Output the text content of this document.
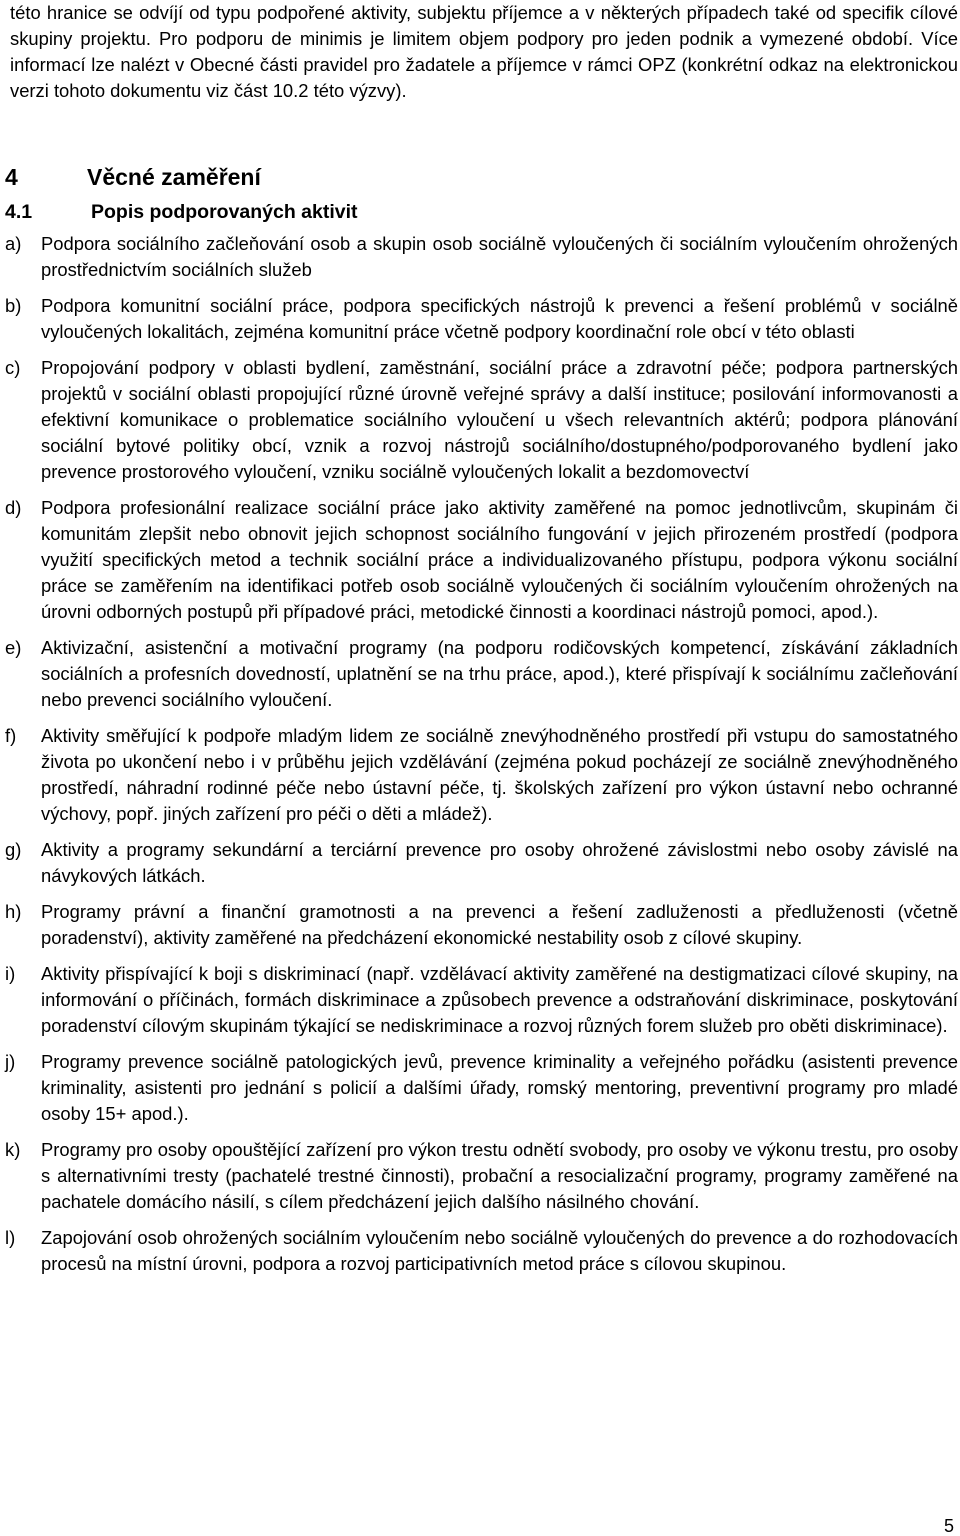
této hranice se odvíjí od typu podpořené aktivity, subjektu příjemce a v některých případech také od specifik cílové skupiny projektu. Pro podporu de minimis je limitem objem podpory pro jeden podnik a vymezené období. Více informací lze nalézt v Obecné části pravidel pro žadatele a příjemce v rámci OPZ (konkrétní odkaz na elektronickou verzi tohoto dokumentu viz část 10.2 této výzvy).

4	Věcné zaměření
4.1	Popis podporovaných aktivit
a) Podpora sociálního začleňování osob a skupin osob sociálně vyloučených či sociálním vyloučením ohrožených prostřednictvím sociálních služeb
b) Podpora komunitní sociální práce, podpora specifických nástrojů k prevenci a řešení problémů v sociálně vyloučených lokalitách, zejména komunitní práce včetně podpory koordinační role obcí v této oblasti
c) Propojování podpory v oblasti bydlení, zaměstnání, sociální práce a zdravotní péče; podpora partnerských projektů v sociální oblasti propojující různé úrovně veřejné správy a další instituce; posilování informovanosti a efektivní komunikace o problematice sociálního vyloučení u všech relevantních aktérů; podpora plánování sociální bytové politiky obcí, vznik a rozvoj nástrojů sociálního/dostupného/podporovaného bydlení jako prevence prostorového vyloučení, vzniku sociálně vyloučených lokalit a bezdomovectví
d) Podpora profesionální realizace sociální práce jako aktivity zaměřené na pomoc jednotlivcům, skupinám či komunitám zlepšit nebo obnovit jejich schopnost sociálního fungování v jejich přirozeném prostředí (podpora využití specifických metod a technik sociální práce a individualizovaného přístupu, podpora výkonu sociální práce se zaměřením na identifikaci potřeb osob sociálně vyloučených či sociálním vyloučením ohrožených na úrovni odborných postupů při případové práci, metodické činnosti a koordinaci nástrojů pomoci, apod.).
e) Aktivizační, asistenční a motivační programy (na podporu rodičovských kompetencí, získávání základních sociálních a profesních dovedností, uplatnění se na trhu práce, apod.), které přispívají k sociálnímu začleňování nebo prevenci sociálního vyloučení.
f) Aktivity směřující k podpoře mladým lidem ze sociálně znevýhodněného prostředí při vstupu do samostatného života po ukončení nebo i v průběhu jejich vzdělávání (zejména pokud pocházejí ze sociálně znevýhodněného prostředí, náhradní rodinné péče nebo ústavní péče, tj. školských zařízení pro výkon ústavní nebo ochranné výchovy, popř. jiných zařízení pro péči o děti a mládež).
g) Aktivity a programy sekundární a terciární prevence pro osoby ohrožené závislostmi nebo osoby závislé na návykových látkách.
h) Programy právní a finanční gramotnosti a na prevenci a řešení zadluženosti a předluženosti (včetně poradenství), aktivity zaměřené na předcházení ekonomické nestability osob z cílové skupiny.
i) Aktivity přispívající k boji s diskriminací (např. vzdělávací aktivity zaměřené na destigmatizaci cílové skupiny, na informování o příčinách, formách diskriminace a způsobech prevence a odstraňování diskriminace, poskytování poradenství cílovým skupinám týkající se nediskriminace a rozvoj různých forem služeb pro oběti diskriminace).
j) Programy prevence sociálně patologických jevů, prevence kriminality a veřejného pořádku (asistenti prevence kriminality, asistenti pro jednání s policií a dalšími úřady, romský mentoring, preventivní programy pro mladé osoby 15+ apod.).
k) Programy pro osoby opouštějící zařízení pro výkon trestu odnětí svobody, pro osoby ve výkonu trestu, pro osoby s alternativními tresty (pachatelé trestné činnosti), probační a resocializační programy, programy zaměřené na pachatele domácího násilí, s cílem předcházení jejich dalšího násilného chování.
l) Zapojování osob ohrožených sociálním vyloučením nebo sociálně vyloučených do prevence a do rozhodovacích procesů na místní úrovni, podpora a rozvoj participativních metod práce s cílovou skupinou.
5
